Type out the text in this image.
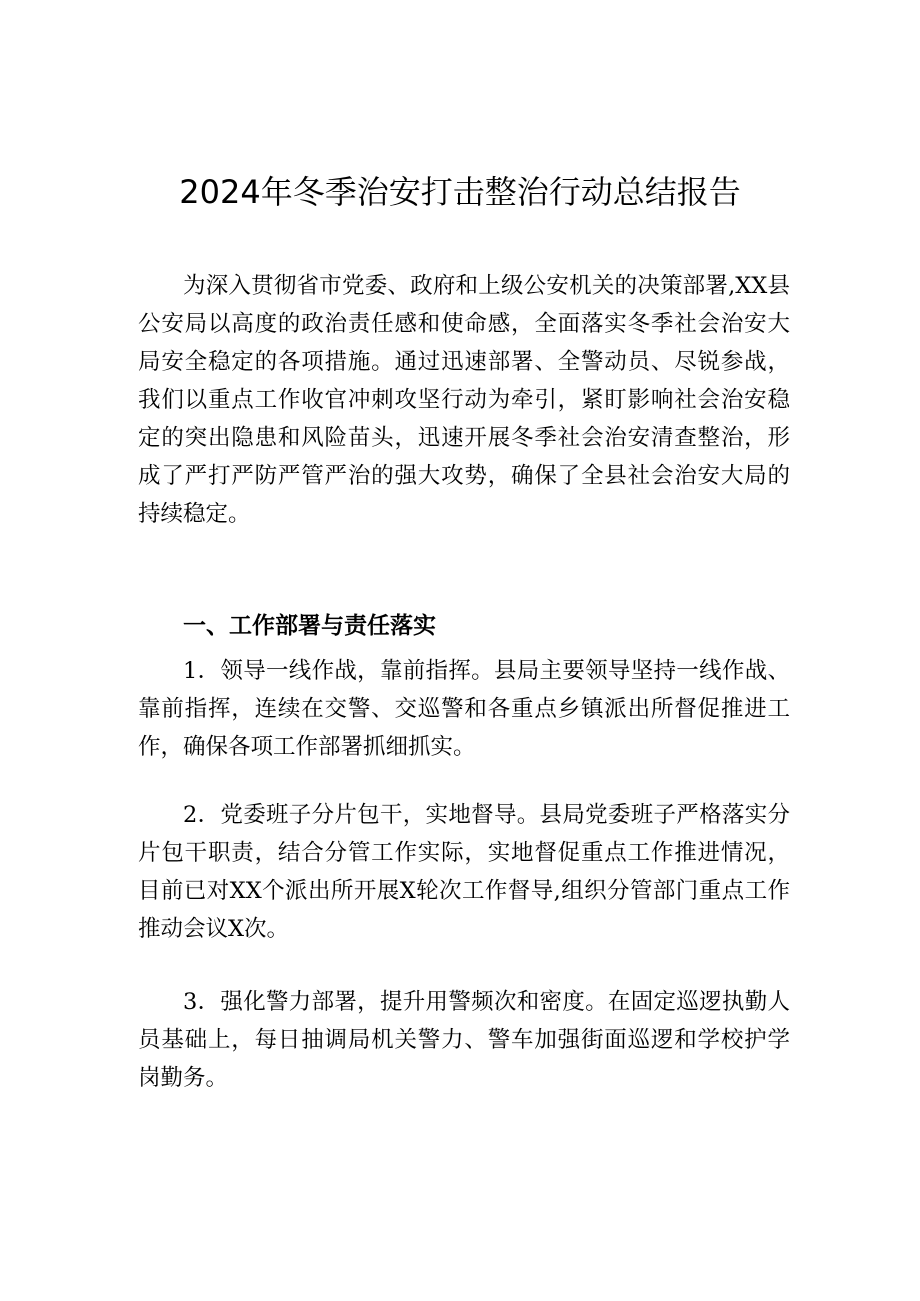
2024年冬季治安打击整治行动总结报告

为深入贯彻省市党委、政府和上级公安机关的决策部署,XX县公安局以高度的政治责任感和使命感，全面落实冬季社会治安大局安全稳定的各项措施。通过迅速部署、全警动员、尽锐参战，我们以重点工作收官冲刺攻坚行动为牵引，紧盯影响社会治安稳定的突出隐患和风险苗头，迅速开展冬季社会治安清查整治，形成了严打严防严管严治的强大攻势，确保了全县社会治安大局的持续稳定。

一、工作部署与责任落实

1．领导一线作战，靠前指挥。县局主要领导坚持一线作战、靠前指挥，连续在交警、交巡警和各重点乡镇派出所督促推进工作，确保各项工作部署抓细抓实。

2．党委班子分片包干，实地督导。县局党委班子严格落实分片包干职责，结合分管工作实际，实地督促重点工作推进情况，目前已对XX个派出所开展X轮次工作督导,组织分管部门重点工作推动会议X次。

3．强化警力部署，提升用警频次和密度。在固定巡逻执勤人员基础上，每日抽调局机关警力、警车加强街面巡逻和学校护学岗勤务。
